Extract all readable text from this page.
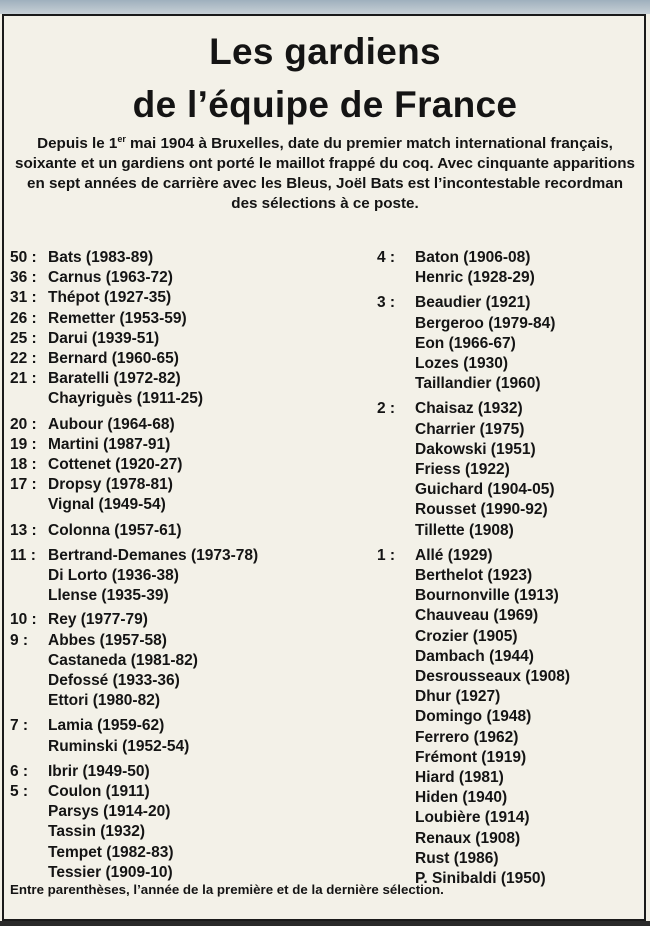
Les gardiens
de l’équipe de France
Depuis le 1er mai 1904 à Bruxelles, date du premier match international français, soixante et un gardiens ont porté le maillot frappé du coq. Avec cinquante apparitions en sept années de carrière avec les Bleus, Joël Bats est l’incontestable recordman des sélections à ce poste.
50 : Bats (1983-89)
36 : Carnus (1963-72)
31 : Thépot (1927-35)
26 : Remetter (1953-59)
25 : Darui (1939-51)
22 : Bernard (1960-65)
21 : Baratelli (1972-82)
Chayriguès (1911-25)
20 : Aubour (1964-68)
19 : Martini (1987-91)
18 : Cottenet (1920-27)
17 : Dropsy (1978-81)
Vignal (1949-54)
13 : Colonna (1957-61)
11 : Bertrand-Demanes (1973-78)
Di Lorto (1936-38)
Llense (1935-39)
10 : Rey (1977-79)
9 :	Abbes (1957-58)
Castaneda (1981-82)
Defossé (1933-36)
Ettori (1980-82)
7 :	Lamia (1959-62)
Ruminski (1952-54)
6 :	Ibrir (1949-50)
5 :	Coulon (1911)
Parsys (1914-20)
Tassin (1932)
Tempet (1982-83)
Tessier (1909-10)
4 :	Baton (1906-08)
Henric (1928-29)
3 :	Beaudier (1921)
Bergeroo (1979-84)
Eon (1966-67)
Lozes (1930)
Taillandier (1960)
2 :	Chaisaz (1932)
Charrier (1975)
Dakowski (1951)
Friess (1922)
Guichard (1904-05)
Rousset (1990-92)
Tillette (1908)
1 :	Allé (1929)
Berthelot (1923)
Bournonville (1913)
Chauveau (1969)
Crozier (1905)
Dambach (1944)
Desrousseaux (1908)
Dhur (1927)
Domingo (1948)
Ferrero (1962)
Frémont (1919)
Hiard (1981)
Hiden (1940)
Loubière (1914)
Renaux (1908)
Rust (1986)
P. Sinibaldi (1950)
Entre parenthèses, l’année de la première et de la dernière sélection.
